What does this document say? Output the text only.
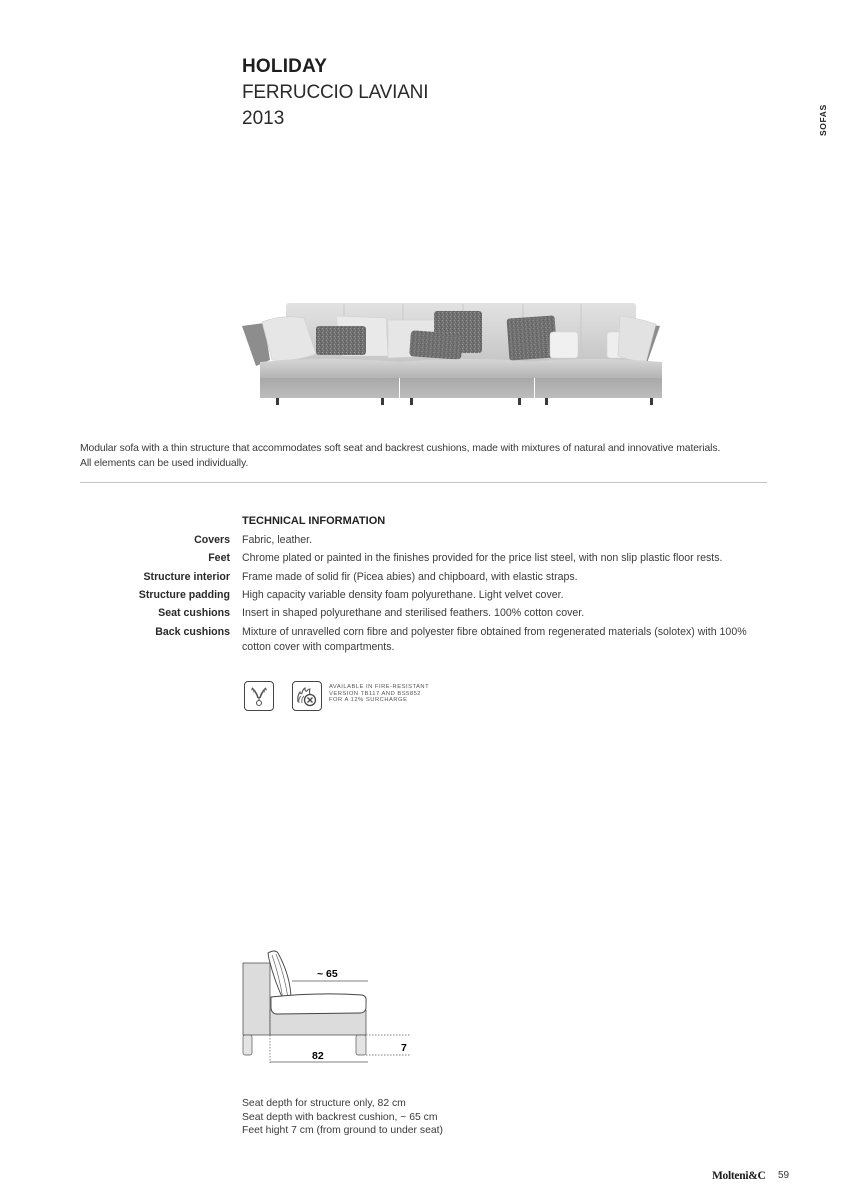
HOLIDAY
FERRUCCIO LAVIANI
2013	SOFAS
Modular sofa with a thin structure that accommodates soft seat and backrest cushions, made with mixtures of natural and innovative materials.
All elements can be used individually.
TECHNICAL INFORMATION
Covers Fabric, leather.
Feet Chrome plated or painted in the finishes provided for the price list steel, with non slip plastic floor rests.
Structure interior Frame made of solid fir (Picea abies) and chipboard, with elastic straps.
Structure padding High capacity variable density foam polyurethane. Light velvet cover.
Seat cushions Insert in shaped polyurethane and sterilised feathers. 100% cotton cover.
Back cushions Mixture of unravelled corn fibre and polyester fibre obtained from regenerated materials (solotex) with 100% cotton cover with compartments.
AVAILABLE IN FIRE-RESISTANT
VERSION TB117 AND BS5852
FOR A 12% SURCHARGE
~ 65
82
7
Seat depth for structure only, 82 cm
Seat depth with backrest cushion, ~ 65 cm
Feet hight 7 cm (from ground to under seat)
Molteni&C 59
